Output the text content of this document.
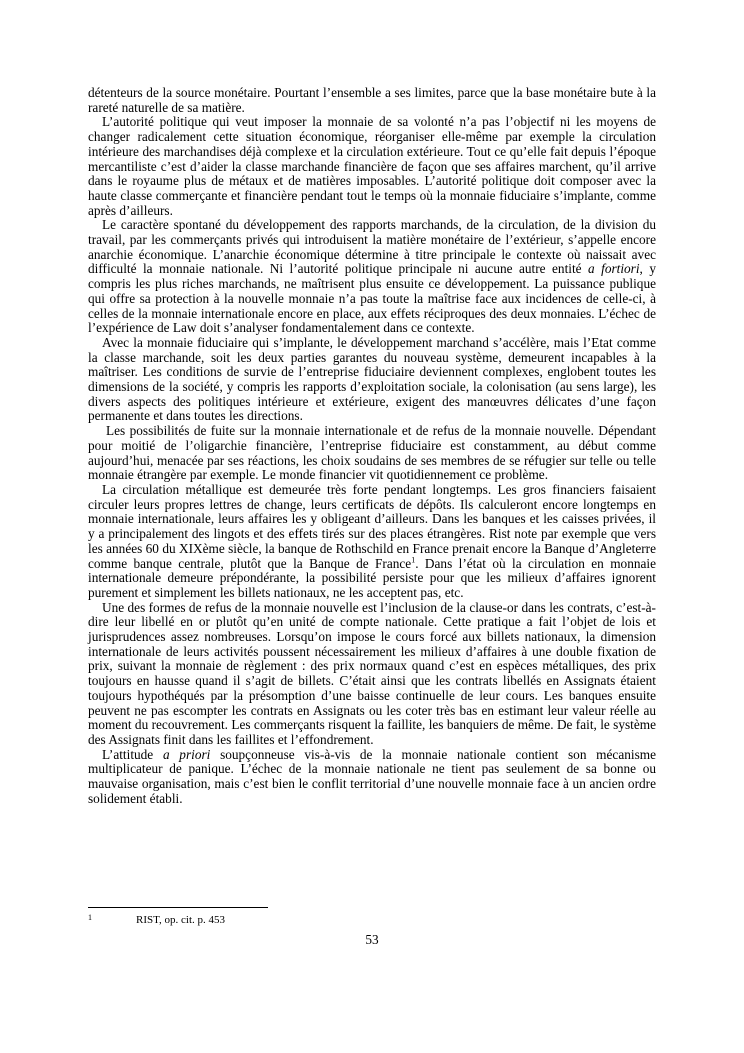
détenteurs de la source monétaire. Pourtant l’ensemble a ses limites, parce que la base monétaire bute à la rareté naturelle de sa matière.

L’autorité politique qui veut imposer la monnaie de sa volonté n’a pas l’objectif ni les moyens de changer radicalement cette situation économique, réorganiser elle-même par exemple la circulation intérieure des marchandises déjà complexe et la circulation extérieure. Tout ce qu’elle fait depuis l’époque mercantiliste c’est d’aider la classe marchande financière de façon que ses affaires marchent, qu’il arrive dans le royaume plus de métaux et de matières imposables. L’autorité politique doit composer avec la haute classe commerçante et financière pendant tout le temps où la monnaie fiduciaire s’implante, comme après d’ailleurs.

Le caractère spontané du développement des rapports marchands, de la circulation, de la division du travail, par les commerçants privés qui introduisent la matière monétaire de l’extérieur, s’appelle encore anarchie économique. L’anarchie économique détermine à titre principale le contexte où naissait avec difficulté la monnaie nationale. Ni l’autorité politique principale ni aucune autre entité a fortiori, y compris les plus riches marchands, ne maîtrisent plus ensuite ce développement. La puissance publique qui offre sa protection à la nouvelle monnaie n’a pas toute la maîtrise face aux incidences de celle-ci, à celles de la monnaie internationale encore en place, aux effets réciproques des deux monnaies. L’échec de l’expérience de Law doit s’analyser fondamentalement dans ce contexte.

Avec la monnaie fiduciaire qui s’implante, le développement marchand s’accélère, mais l’Etat comme la classe marchande, soit les deux parties garantes du nouveau système, demeurent incapables à la maîtriser. Les conditions de survie de l’entreprise fiduciaire deviennent complexes, englobent toutes les dimensions de la société, y compris les rapports d’exploitation sociale, la colonisation (au sens large), les divers aspects des politiques intérieure et extérieure, exigent des manœuvres délicates d’une façon permanente et dans toutes les directions.

Les possibilités de fuite sur la monnaie internationale et de refus de la monnaie nouvelle. Dépendant pour moitié de l’oligarchie financière, l’entreprise fiduciaire est constamment, au début comme aujourd’hui, menacée par ses réactions, les choix soudains de ses membres de se réfugier sur telle ou telle monnaie étrangère par exemple. Le monde financier vit quotidiennement ce problème.

La circulation métallique est demeurée très forte pendant longtemps. Les gros financiers faisaient circuler leurs propres lettres de change, leurs certificats de dépôts. Ils calculeront encore longtemps en monnaie internationale, leurs affaires les y obligeant d’ailleurs. Dans les banques et les caisses privées, il y a principalement des lingots et des effets tirés sur des places étrangères. Rist note par exemple que vers les années 60 du XIXème siècle, la banque de Rothschild en France prenait encore la Banque d’Angleterre comme banque centrale, plutôt que la Banque de France$^1$. Dans l’état où la circulation en monnaie internationale demeure prépondérante, la possibilité persiste pour que les milieux d’affaires ignorent purement et simplement les billets nationaux, ne les acceptent pas, etc.

Une des formes de refus de la monnaie nouvelle est l’inclusion de la clause-or dans les contrats, c’est-à-dire leur libellé en or plutôt qu’en unité de compte nationale. Cette pratique a fait l’objet de lois et jurisprudences assez nombreuses. Lorsqu’on impose le cours forcé aux billets nationaux, la dimension internationale de leurs activités poussent nécessairement les milieux d’affaires à une double fixation de prix, suivant la monnaie de règlement : des prix normaux quand c’est en espèces métalliques, des prix toujours en hausse quand il s’agit de billets. C’était ainsi que les contrats libellés en Assignats étaient toujours hypothéqués par la présomption d’une baisse continuelle de leur cours. Les banques ensuite peuvent ne pas escompter les contrats en Assignats ou les coter très bas en estimant leur valeur réelle au moment du recouvrement. Les commerçants risquent la faillite, les banquiers de même. De fait, le système des Assignats finit dans les faillites et l’effondrement.

L’attitude a priori soupçonneuse vis-à-vis de la monnaie nationale contient son mécanisme multiplicateur de panique. L’échec de la monnaie nationale ne tient pas seulement de sa bonne ou mauvaise organisation, mais c’est bien le conflit territorial d’une nouvelle monnaie face à un ancien ordre solidement établi.

1	RIST, op. cit. p. 453
53
